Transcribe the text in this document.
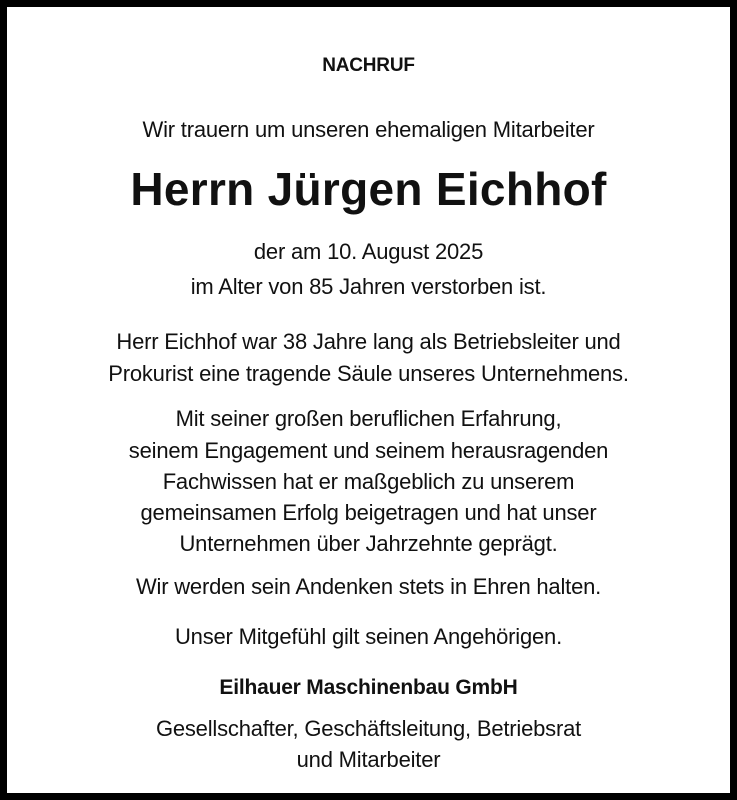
NACHRUF
Wir trauern um unseren ehemaligen Mitarbeiter
Herrn Jürgen Eichhof
der am 10. August 2025
im Alter von 85 Jahren verstorben ist.
Herr Eichhof war 38 Jahre lang als Betriebsleiter und
Prokurist eine tragende Säule unseres Unternehmens.
Mit seiner großen beruflichen Erfahrung,
seinem Engagement und seinem herausragenden
Fachwissen hat er maßgeblich zu unserem
gemeinsamen Erfolg beigetragen und hat unser
Unternehmen über Jahrzehnte geprägt.
Wir werden sein Andenken stets in Ehren halten.
Unser Mitgefühl gilt seinen Angehörigen.
Eilhauer Maschinenbau GmbH
Gesellschafter, Geschäftsleitung, Betriebsrat
und Mitarbeiter
